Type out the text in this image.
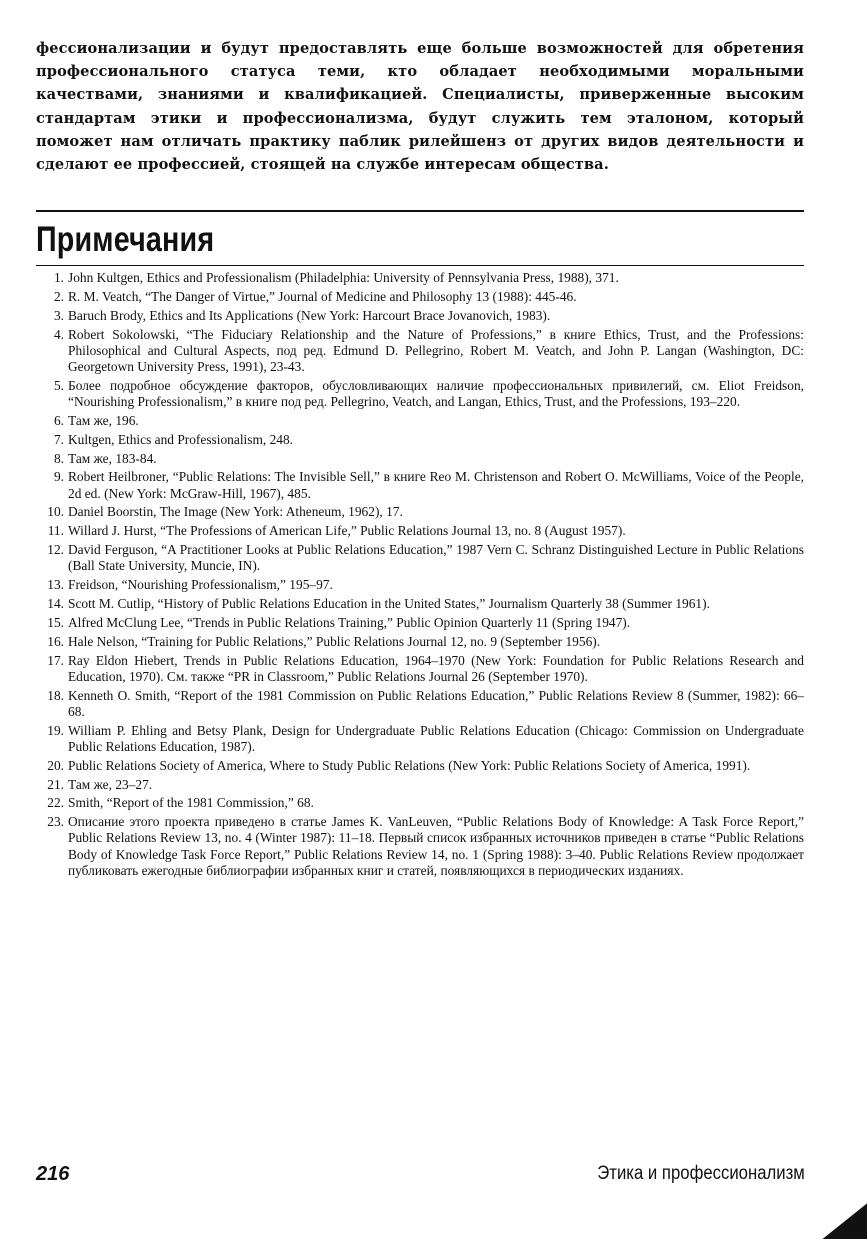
фессионализации и будут предоставлять еще больше возможностей для обретения профессионального статуса теми, кто обладает необходимыми моральными качествами, знаниями и квалификацией. Специалисты, приверженные высоким стандартам этики и профессионализма, будут служить тем эталоном, который поможет нам отличать практику паблик рилейшенз от других видов деятельности и сделают ее профессией, стоящей на службе интересам общества.

Примечания
1 . John Kultgen, Ethics and Professionalism (Philadelphia: University of Pennsylvania Press, 1988), 371.
2 . R. M. Veatch, “The Danger of Virtue,” Journal of Medicine and Philosophy 13 (1988): 445-46.
3 . Baruch Brody, Ethics and Its Applications (New York: Harcourt Brace Jovanovich, 1983).
4 . Robert Sokolowski, “The Fiduciary Relationship and the Nature of Professions,” в книге Ethics, Trust, and the Professions: Philosophical and Cultural Aspects, под ред. Edmund D. Pellegrino, Robert M. Veatch, and John P. Langan (Washington, DC: Georgetown University Press, 1991), 23-43.
5 . Более подробное обсуждение факторов, обусловливающих наличие профессиональных привилегий, см. Eliot Freidson, “Nourishing Professionalism,” в книге под ред. Pellegrino, Veatch, and Langan, Ethics, Trust, and the Professions, 193–220.
6 . Там же, 196.
7 . Kultgen, Ethics and Professionalism, 248.
8 . Там же, 183-84.
9 . Robert Heilbroner, “Public Relations: The Invisible Sell,” в книге Reo M. Christenson and Robert O. McWilliams, Voice of the People, 2d ed. (New York: McGraw-Hill, 1967), 485.
10 . Daniel Boorstin, The Image (New York: Atheneum, 1962), 17.
11 . Willard J. Hurst, “The Professions of American Life,” Public Relations Journal 13, no. 8 (August 1957).
12 . David Ferguson, “A Practitioner Looks at Public Relations Education,” 1987 Vern C. Schranz Distinguished Lecture in Public Relations (Ball State University, Muncie, IN).
13 . Freidson, “Nourishing Professionalism,” 195–97.
14 . Scott M. Cutlip, “History of Public Relations Education in the United States,” Journalism Quarterly 38 (Summer 1961).
15 . Alfred McClung Lee, “Trends in Public Relations Training,” Public Opinion Quarterly 11 (Spring 1947).
16 . Hale Nelson, “Training for Public Relations,” Public Relations Journal 12, no. 9 (September 1956).
17 . Ray Eldon Hiebert, Trends in Public Relations Education, 1964–1970 (New York: Foundation for Public Relations Research and Education, 1970). См. также “PR in Classroom,” Public Relations Journal 26 (September 1970).
18 . Kenneth O. Smith, “Report of the 1981 Commission on Public Relations Education,” Public Relations Review 8 (Summer, 1982): 66–68.
19 . William P. Ehling and Betsy Plank, Design for Undergraduate Public Relations Education (Chicago: Commission on Undergraduate Public Relations Education, 1987).
20 . Public Relations Society of America, Where to Study Public Relations (New York: Public Relations Society of America, 1991).
21 . Там же, 23–27.
22 . Smith, “Report of the 1981 Commission,” 68.
23 . Описание этого проекта приведено в статье James K. VanLeuven, “Public Relations Body of Knowledge: A Task Force Report,” Public Relations Review 13, no. 4 (Winter 1987): 11–18. Первый список избранных источников приведен в статье “Public Relations Body of Knowledge Task Force Report,” Public Relations Review 14, no. 1 (Spring 1988): 3–40. Public Relations Review продолжает публиковать ежегодные библиографии избранных книг и статей, появляющихся в периодических изданиях.
216	Этика и профессионализм
